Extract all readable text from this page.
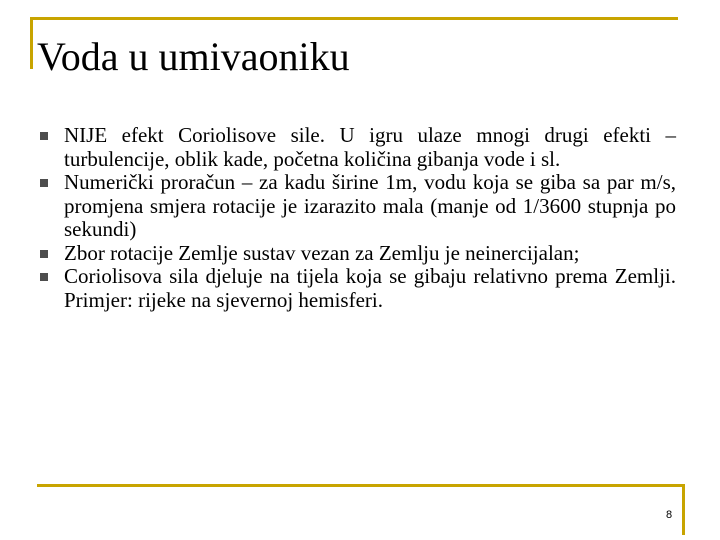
Voda u umivaoniku
NIJE efekt Coriolisove sile. U igru ulaze mnogi drugi efekti – turbulencije, oblik kade, početna količina gibanja vode i sl.
Numerički proračun – za kadu širine 1m, vodu koja se giba sa par m/s, promjena smjera rotacije je izarazito mala (manje od 1/3600 stupnja po sekundi)
Zbor rotacije Zemlje sustav vezan za Zemlju je neinercijalan;
Coriolisova sila djeluje na tijela koja se gibaju relativno prema Zemlji. Primjer: rijeke na sjevernoj hemisferi.
8
